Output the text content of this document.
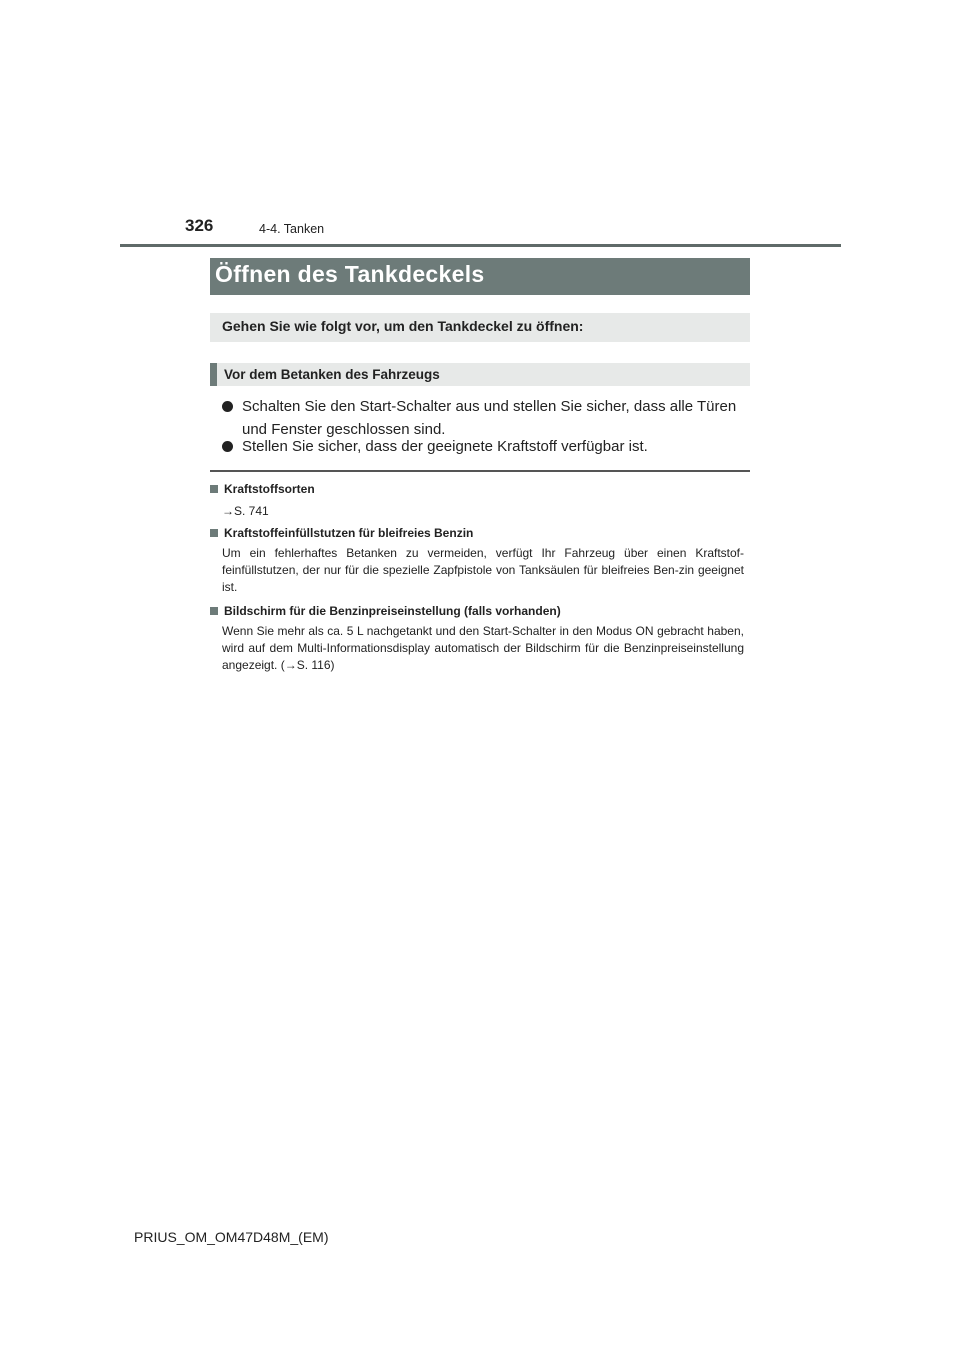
326	4-4. Tanken
Öffnen des Tankdeckels
Gehen Sie wie folgt vor, um den Tankdeckel zu öffnen:
Vor dem Betanken des Fahrzeugs
Schalten Sie den Start-Schalter aus und stellen Sie sicher, dass alle Türen
und Fenster geschlossen sind.
Stellen Sie sicher, dass der geeignete Kraftstoff verfügbar ist.
Kraftstoffsorten
→S. 741
Kraftstoffeinfüllstutzen für bleifreies Benzin
Um ein fehlerhaftes Betanken zu vermeiden, verfügt Ihr Fahrzeug über einen Kraftstof-feinfüllstutzen, der nur für die spezielle Zapfpistole von Tanksäulen für bleifreies Ben-zin geeignet ist.
Bildschirm für die Benzinpreiseinstellung (falls vorhanden)
Wenn Sie mehr als ca. 5 L nachgetankt und den Start-Schalter in den Modus ON gebracht haben, wird auf dem Multi-Informationsdisplay automatisch der Bildschirm für die Benzinpreiseinstellung angezeigt. (→S. 116)
PRIUS_OM_OM47D48M_(EM)
